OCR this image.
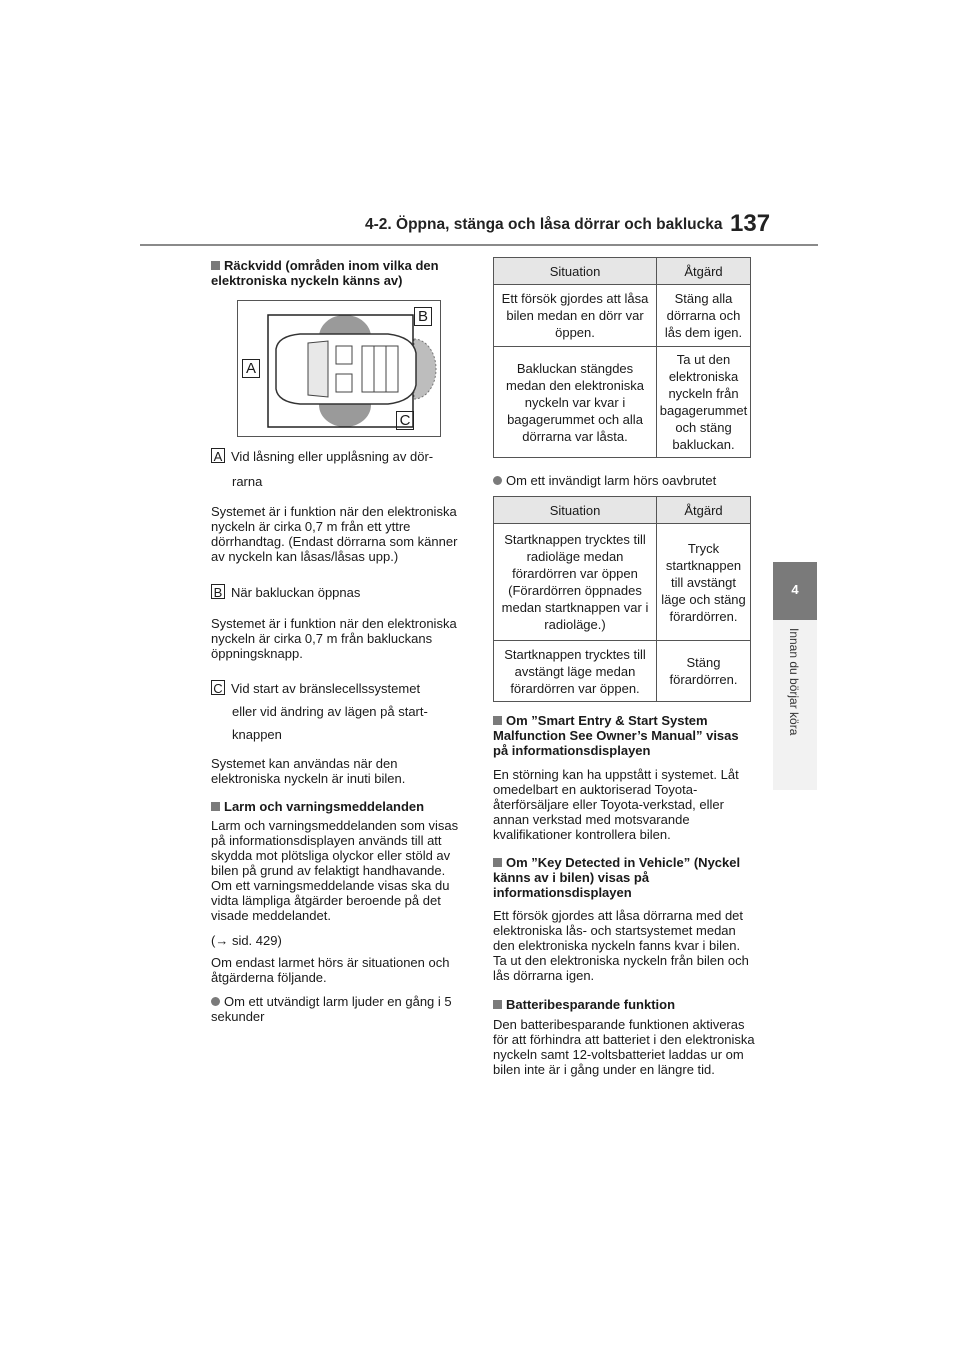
4-2. Öppna, stänga och låsa dörrar och baklucka 137
4
Innan du börjar köra
Räckvidd (områden inom vilka den elektroniska nyckeln känns av)
B
A
C
A Vid låsning eller upplåsning av dör-
rarna
Systemet är i funktion när den elektroniska nyckeln är cirka 0,7 m från ett yttre dörrhandtag. (Endast dörrarna som känner av nyckeln kan låsas/låsas upp.)
B När bakluckan öppnas
Systemet är i funktion när den elektroniska nyckeln är cirka 0,7 m från bakluckans öppningsknapp.
C Vid start av bränslecellssystemet
eller vid ändring av lägen på start-
knappen
Systemet kan användas när den elektroniska nyckeln är inuti bilen.
Larm och varningsmeddelanden
Larm och varningsmeddelanden som visas på informationsdisplayen används till att skydda mot plötsliga olyckor eller stöld av bilen på grund av felaktigt handhavande. Om ett varningsmeddelande visas ska du vidta lämpliga åtgärder beroende på det visade meddelandet.
(→ sid. 429)
Om endast larmet hörs är situationen och åtgärderna följande.
Om ett utvändigt larm ljuder en gång i 5 sekunder
Situation	Åtgärd
Ett försök gjordes att låsa bilen medan en dörr var öppen.	Stäng alla dörrarna och lås dem igen.
Bakluckan stängdes medan den elektroniska nyckeln var kvar i bagagerummet och alla dörrarna var låsta.	Ta ut den elektroniska nyckeln från bagagerummet och stäng bakluckan.
Om ett invändigt larm hörs oavbrutet
Situation	Åtgärd
Startknappen trycktes till radioläge medan förardörren var öppen (Förardörren öppnades medan startknappen var i radioläge.)	Tryck startknappen till avstängt läge och stäng förardörren.
Startknappen trycktes till avstängt läge medan förardörren var öppen.	Stäng förardörren.
Om ”Smart Entry & Start System Malfunction See Owner’s Manual” visas på informationsdisplayen
En störning kan ha uppstått i systemet. Låt omedelbart en auktoriserad Toyota-återförsäljare eller Toyota-verkstad, eller annan verkstad med motsvarande kvalifikationer kontrollera bilen.
Om ”Key Detected in Vehicle” (Nyckel känns av i bilen) visas på informationsdisplayen
Ett försök gjordes att låsa dörrarna med det elektroniska lås- och startsystemet medan den elektroniska nyckeln fanns kvar i bilen. Ta ut den elektroniska nyckeln från bilen och lås dörrarna igen.
Batteribesparande funktion
Den batteribesparande funktionen aktiveras för att förhindra att batteriet i den elektroniska nyckeln samt 12-voltsbatteriet laddas ur om bilen inte är i gång under en längre tid.
